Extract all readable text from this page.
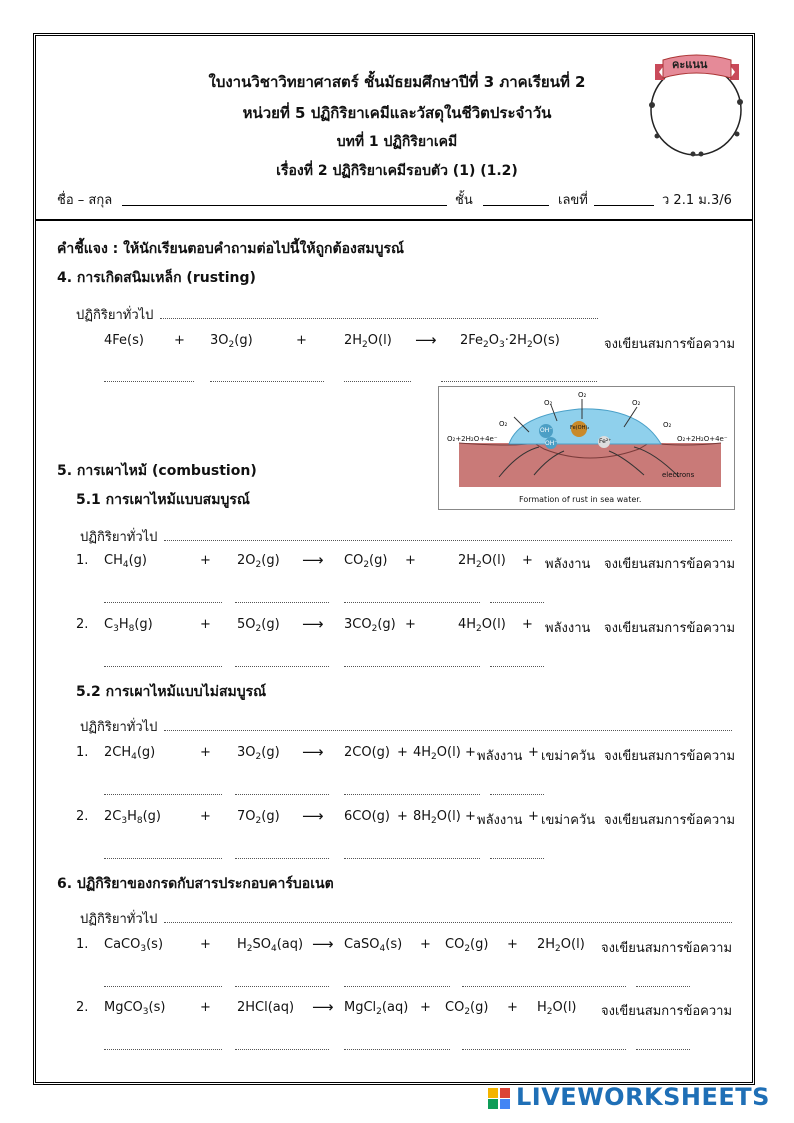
ใบงานวิชาวิทยาศาสตร์ ชั้นมัธยมศึกษาปีที่ 3 ภาคเรียนที่ 2
หน่วยที่ 5 ปฏิกิริยาเคมีและวัสดุในชีวิตประจำวัน
บทที่ 1 ปฏิกิริยาเคมี
เรื่องที่ 2 ปฏิกิริยาเคมีรอบตัว (1) (1.2)
คะแนน
ชื่อ – สกุล	ชั้น	เลขที่	ว 2.1 ม.3/6
คำชี้แจง : ให้นักเรียนตอบคำถามต่อไปนี้ให้ถูกต้องสมบูรณ์
4. การเกิดสนิมเหล็ก (rusting)
ปฏิกิริยาทั่วไป
$4Fe(s) + 3O_2(g)$	+	$2H_2O(l)$ ⟶ $2Fe_2O_3\cdot 2H_2O(s)$	จงเขียนสมการข้อความ
O₂+2H₂O+4e⁻	O₂+2H₂O+4e⁻
electrons
O₂
O₂
O₂
O₂
O₂
OH⁻
OH⁻
Fe(OH)₂
Fe²⁺
Formation of rust in sea water.
5. การเผาไหม้ (combustion)
5.1 การเผาไหม้แบบสมบูรณ์
ปฏิกิริยาทั่วไป
1. $CH_4(g)$	+ $2O_2(g)$ ⟶ $CO_2(g)$ +	$2H_2O(l)$ + พลังงาน จงเขียนสมการข้อความ
2. $C_3H_8(g)$	+ $5O_2(g)$ ⟶ $3CO_2(g)$ +	$4H_2O(l)$ + พลังงาน จงเขียนสมการข้อความ
5.2 การเผาไหม้แบบไม่สมบูรณ์
ปฏิกิริยาทั่วไป
1. $2CH_4(g)$	+ $3O_2(g)$ ⟶ $2CO(g) + 4H_2O(l)$ + พลังงาน + เขม่าควัน จงเขียนสมการข้อความ
2. $2C_3H_8(g)$	+ $7O_2(g)$ ⟶ $6CO(g) + 8H_2O(l)$ + พลังงาน + เขม่าควัน จงเขียนสมการข้อความ
6. ปฏิกิริยาของกรดกับสารประกอบคาร์บอเนต
ปฏิกิริยาทั่วไป
1. CaCO$_3$(s)	+ $H_2SO_4(aq)$ ⟶ CaSO$_4$(s) + $CO_2(g) + 2H_2O(l)$ จงเขียนสมการข้อความ
2. MgCO$_3$(s)	+ 2HCl(aq) ⟶ MgCl$_2$(aq) + $CO_2(g) + H_2O(l)$ จงเขียนสมการข้อความ
LIVEWORKSHEETS
